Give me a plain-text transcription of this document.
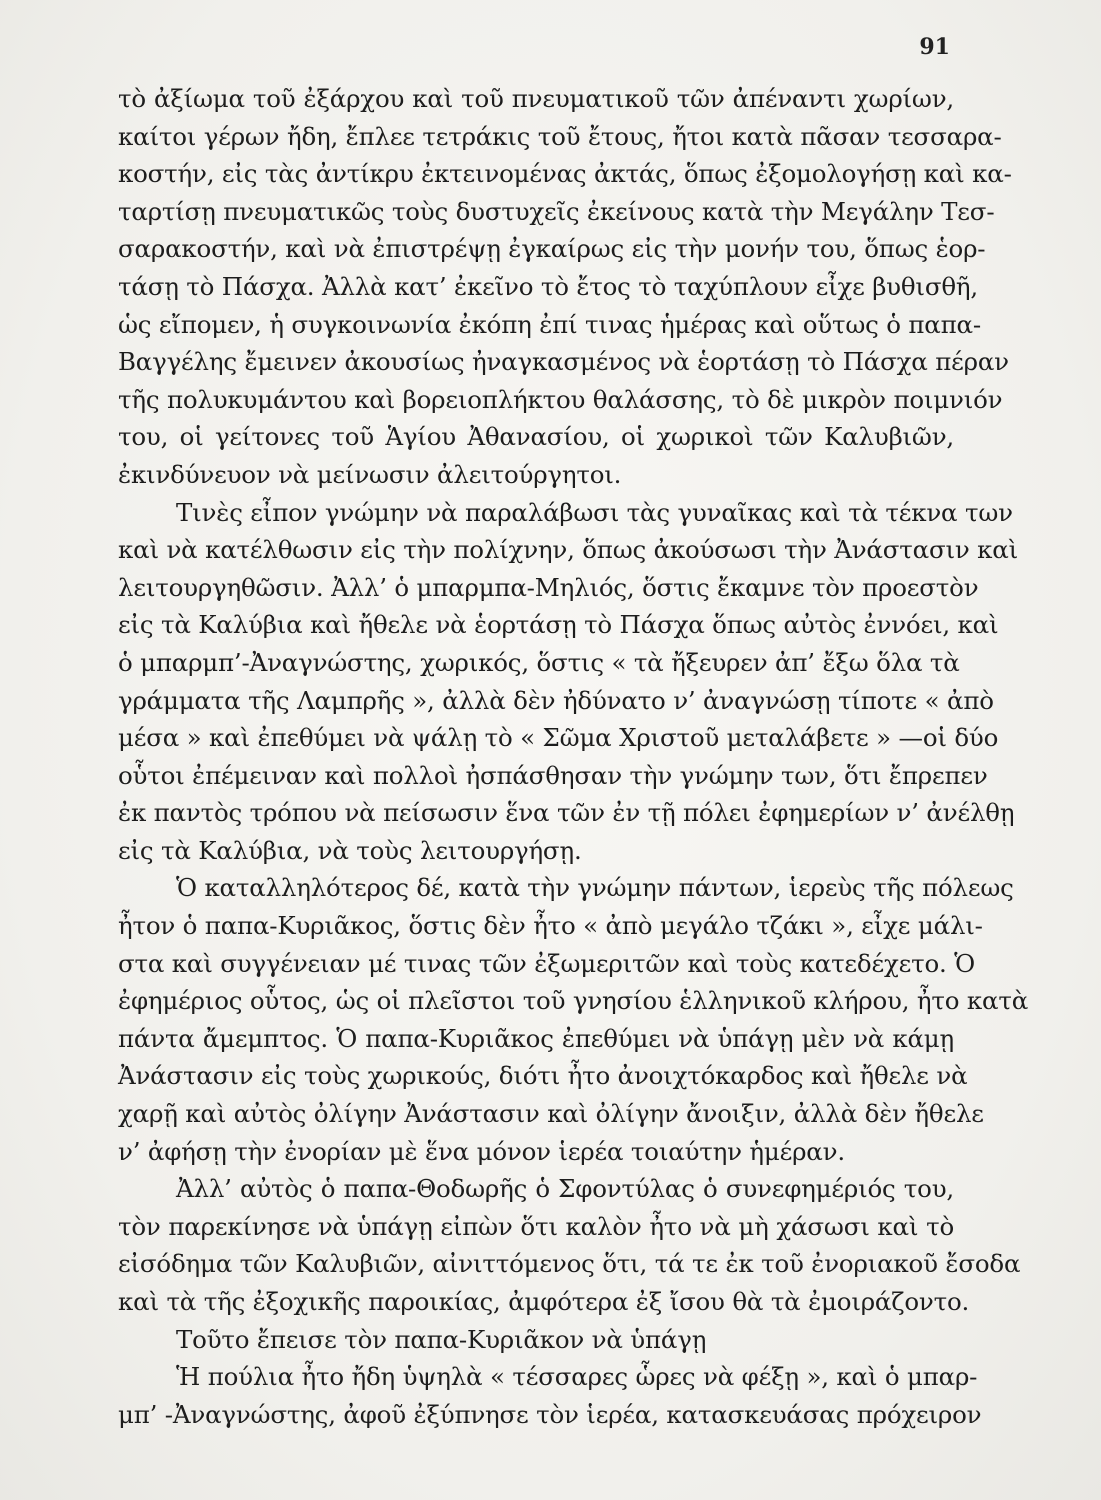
91
τὸ ἀξίωμα τοῦ ἐξάρχου καὶ τοῦ πνευματικοῦ τῶν ἀπέναντι χωρίων,
καίτοι γέρων ἤδη, ἔπλεε τετράκις τοῦ ἔτους, ἤτοι κατὰ πᾶσαν τεσσαρα-
κοστήν, εἰς τὰς ἀντίκρυ ἐκτεινομένας ἀκτάς, ὅπως ἐξομολογήσῃ καὶ κα-
ταρτίσῃ πνευματικῶς τοὺς δυστυχεῖς ἐκείνους κατὰ τὴν Μεγάλην Τεσ-
σαρακοστήν, καὶ νὰ ἐπιστρέψῃ ἐγκαίρως εἰς τὴν μονήν του, ὅπως ἑορ-
τάσῃ τὸ Πάσχα. Ἀλλὰ κατ’ ἐκεῖνο τὸ ἔτος τὸ ταχύπλουν εἶχε βυθισθῆ,
ὡς εἴπομεν, ἡ συγκοινωνία ἐκόπη ἐπί τινας ἡμέρας καὶ οὕτως ὁ παπα-
Βαγγέλης ἔμεινεν ἀκουσίως ἠναγκασμένος νὰ ἑορτάσῃ τὸ Πάσχα πέραν
τῆς πολυκυμάντου καὶ βορειοπλήκτου θαλάσσης, τὸ δὲ μικρὸν ποιμνιόν
του, οἱ γείτονες τοῦ Ἁγίου Ἀθανασίου, οἱ χωρικοὶ τῶν Καλυβιῶν,
ἐκινδύνευον νὰ μείνωσιν ἀλειτούργητοι.
Τινὲς εἶπον γνώμην νὰ παραλάβωσι τὰς γυναῖκας καὶ τὰ τέκνα των
καὶ νὰ κατέλθωσιν εἰς τὴν πολίχνην, ὅπως ἀκούσωσι τὴν Ἀνάστασιν καὶ
λειτουργηθῶσιν. Ἀλλ’ ὁ μπαρμπα-Μηλιός, ὅστις ἔκαμνε τὸν προεστὸν
εἰς τὰ Καλύβια καὶ ἤθελε νὰ ἑορτάσῃ τὸ Πάσχα ὅπως αὐτὸς ἐννόει, καὶ
ὁ μπαρμπ’-Ἀναγνώστης, χωρικός, ὅστις « τὰ ἤξευρεν ἀπ’ ἔξω ὅλα τὰ
γράμματα τῆς Λαμπρῆς », ἀλλὰ δὲν ἠδύνατο ν’ ἀναγνώσῃ τίποτε « ἀπὸ
μέσα » καὶ ἐπεθύμει νὰ ψάλῃ τὸ « Σῶμα Χριστοῦ μεταλάβετε » —οἱ δύο
οὗτοι ἐπέμειναν καὶ πολλοὶ ἠσπάσθησαν τὴν γνώμην των, ὅτι ἔπρεπεν
ἐκ παντὸς τρόπου νὰ πείσωσιν ἕνα τῶν ἐν τῇ πόλει ἐφημερίων ν’ ἀνέλθῃ
εἰς τὰ Καλύβια, νὰ τοὺς λειτουργήσῃ.
Ὁ καταλληλότερος δέ, κατὰ τὴν γνώμην πάντων, ἱερεὺς τῆς πόλεως
ἦτον ὁ παπα-Κυριᾶκος, ὅστις δὲν ἦτο « ἀπὸ μεγάλο τζάκι », εἶχε μάλι-
στα καὶ συγγένειαν μέ τινας τῶν ἐξωμεριτῶν καὶ τοὺς κατεδέχετο. Ὁ
ἐφημέριος οὗτος, ὡς οἱ πλεῖστοι τοῦ γνησίου ἑλληνικοῦ κλήρου, ἦτο κατὰ
πάντα ἄμεμπτος. Ὁ παπα-Κυριᾶκος ἐπεθύμει νὰ ὑπάγῃ μὲν νὰ κάμῃ
Ἀνάστασιν εἰς τοὺς χωρικούς, διότι ἦτο ἀνοιχτόκαρδος καὶ ἤθελε νὰ
χαρῇ καὶ αὐτὸς ὀλίγην Ἀνάστασιν καὶ ὀλίγην ἄνοιξιν, ἀλλὰ δὲν ἤθελε
ν’ ἀφήσῃ τὴν ἐνορίαν μὲ ἕνα μόνον ἱερέα τοιαύτην ἡμέραν.
Ἀλλ’ αὐτὸς ὁ παπα-Θοδωρῆς ὁ Σφοντύλας ὁ συνεφημέριός του,
τὸν παρεκίνησε νὰ ὑπάγῃ εἰπὼν ὅτι καλὸν ἦτο νὰ μὴ χάσωσι καὶ τὸ
εἰσόδημα τῶν Καλυβιῶν, αἰνιττόμενος ὅτι, τά τε ἐκ τοῦ ἐνοριακοῦ ἔσοδα
καὶ τὰ τῆς ἐξοχικῆς παροικίας, ἀμφότερα ἐξ ἴσου θὰ τὰ ἐμοιράζοντο.
Τοῦτο ἔπεισε τὸν παπα-Κυριᾶκον νὰ ὑπάγῃ
Ἡ πούλια ἦτο ἤδη ὑψηλὰ « τέσσαρες ὧρες νὰ φέξῃ », καὶ ὁ μπαρ-
μπ’ -Ἀναγνώστης, ἀφοῦ ἐξύπνησε τὸν ἱερέα, κατασκευάσας πρόχειρον
